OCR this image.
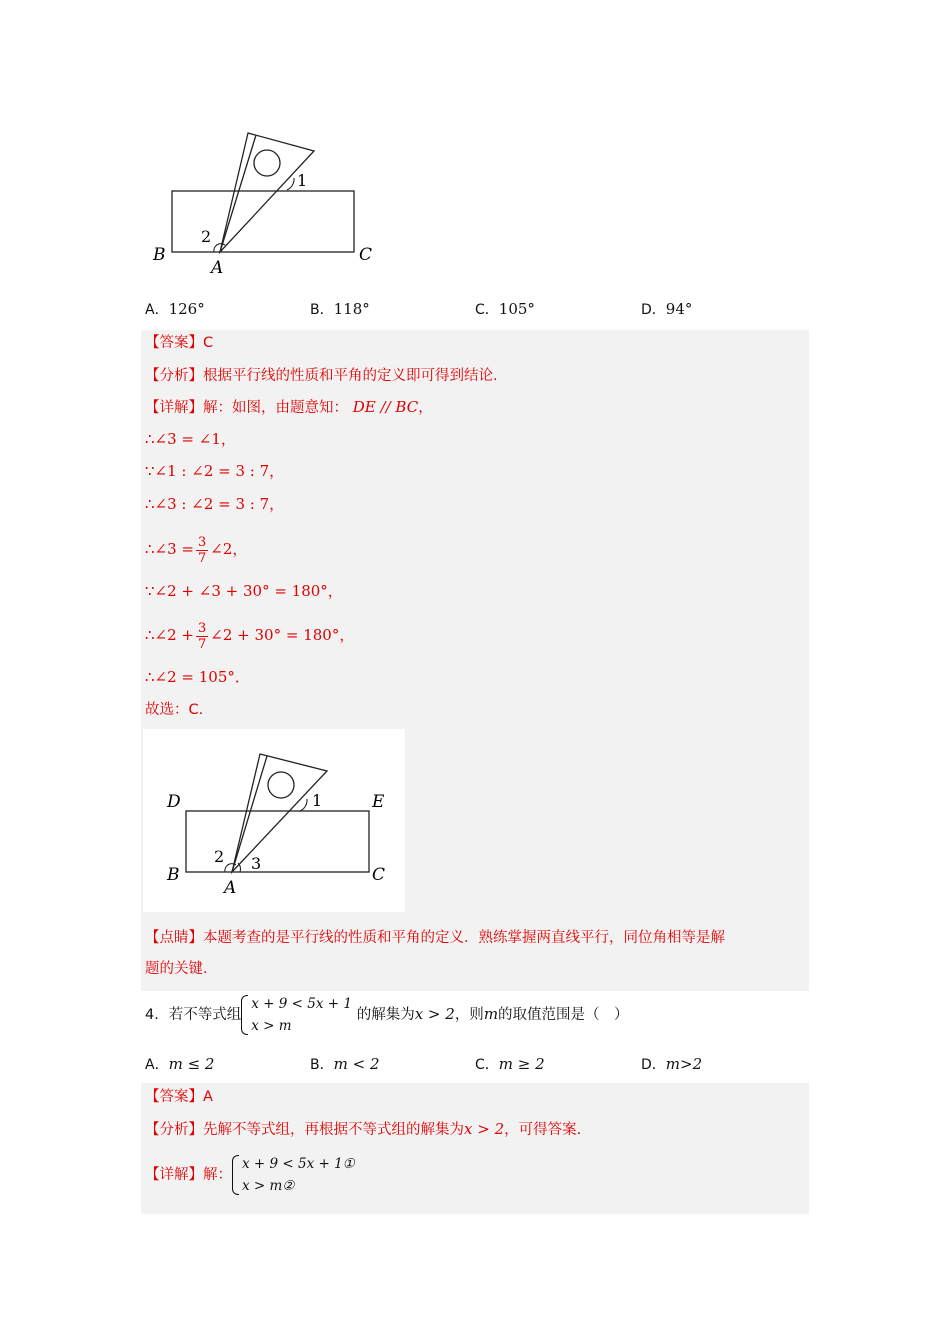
1
2
B
A
C
A．126°	B．118°	C．105°	D．94°
【答案】C
【分析】根据平行线的性质和平角的定义即可得到结论.
【详解】解：如图，由题意知： DE // BC，
∴∠3 = ∠1，
∵∠1 : ∠2 = 3 : 7，
∴∠3 : ∠2 = 3 : 7，
∴∠3 = $\frac{3}{7}$ ∠2，
∵∠2 + ∠3 + 30° = 180°，
∴∠2 + $\frac{3}{7}$ ∠2 + 30° = 180°，
∴∠2 = 105°．
故选：C.
D	E
1
2 3
B
A
C
【点睛】本题考查的是平行线的性质和平角的定义．熟练掌握两直线平行，同位角相等是解
题的关键.
4．若不等式组
x + 9 < 5x + 1
x > m
的解集为x > 2，则m的取值范围是（　）
A．m ≤ 2	B．m < 2	C．m ≥ 2	D．m>2
【答案】A
【分析】先解不等式组，再根据不等式组的解集为x > 2，可得答案.
【详解】解：
x + 9 < 5x + 1①
x > m②
